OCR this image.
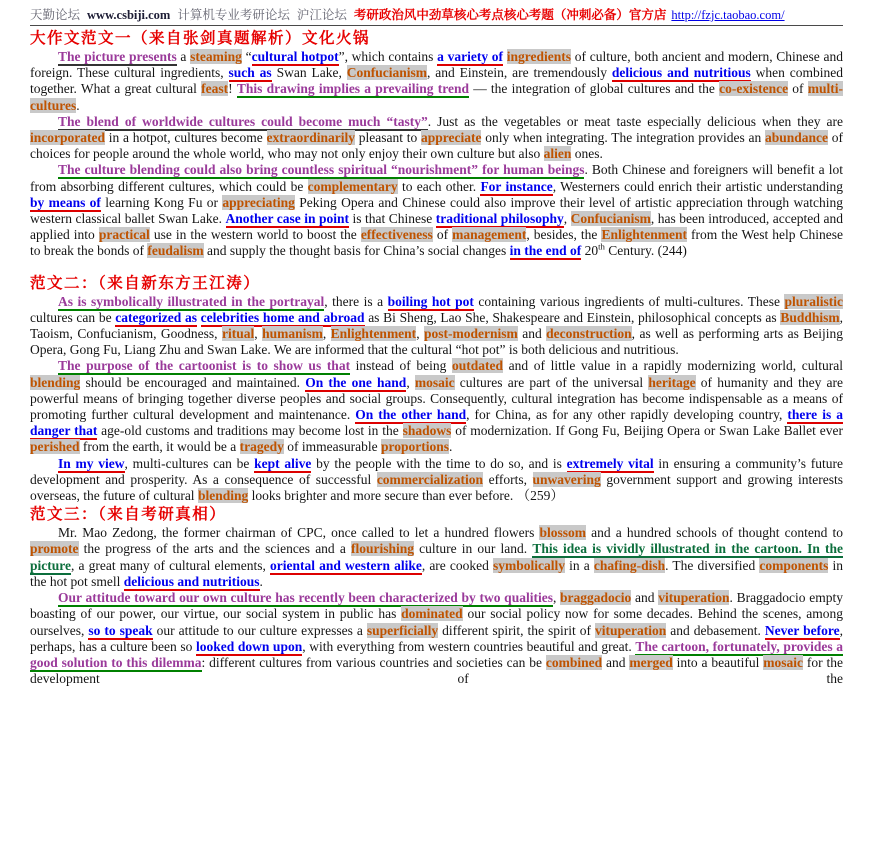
天勤论坛 www.csbiji.com 计算机专业考研论坛 沪江论坛 考研政治风中劲草核心考点核心考题（冲刺必备）官方店 http://fzjc.taobao.com/
大作文范文一（来自张剑真题解析）文化火锅

The picture presents a steaming “cultural hotpot”, which contains a variety of ingredients of culture, both ancient and modern, Chinese and foreign. These cultural ingredients, such as Swan Lake, Confucianism, and Einstein, are tremendously delicious and nutritious when combined together. What a great cultural feast! This drawing implies a prevailing trend — the integration of global cultures and the co-existence of multi-cultures.

The blend of worldwide cultures could become much “tasty”. Just as the vegetables or meat taste especially delicious when they are incorporated in a hotpot, cultures become extraordinarily pleasant to appreciate only when integrating. The integration provides an abundance of choices for people around the whole world, who may not only enjoy their own culture but also alien ones.

The culture blending could also bring countless spiritual “nourishment” for human beings. Both Chinese and foreigners will benefit a lot from absorbing different cultures, which could be complementary to each other. For instance, Westerners could enrich their artistic understanding by means of learning Kong Fu or appreciating Peking Opera and Chinese could also improve their level of artistic appreciation through watching western classical ballet Swan Lake. Another case in point is that Chinese traditional philosophy, Confucianism, has been introduced, accepted and applied into practical use in the western world to boost the effectiveness of management, besides, the Enlightenment from the West help Chinese to break the bonds of feudalism and supply the thought basis for China’s social changes in the end of 20th Century. (244)

范文二：（来自新东方王江涛）

As is symbolically illustrated in the portrayal, there is a boiling hot pot containing various ingredients of multi-cultures. These pluralistic cultures can be categorized as celebrities home and abroad as Bi Sheng, Lao She, Shakespeare and Einstein, philosophical concepts as Buddhism, Taoism, Confucianism, Goodness, ritual, humanism, Enlightenment, post-modernism and deconstruction, as well as performing arts as Beijing Opera, Gong Fu, Liang Zhu and Swan Lake. We are informed that the cultural “hot pot” is both delicious and nutritious.

The purpose of the cartoonist is to show us that instead of being outdated and of little value in a rapidly modernizing world, cultural blending should be encouraged and maintained. On the one hand, mosaic cultures are part of the universal heritage of humanity and they are powerful means of bringing together diverse peoples and social groups. Consequently, cultural integration has become indispensable as a means of promoting further cultural development and maintenance. On the other hand, for China, as for any other rapidly developing country, there is a danger that age-old customs and traditions may become lost in the shadows of modernization. If Gong Fu, Beijing Opera or Swan Lake Ballet ever perished from the earth, it would be a tragedy of immeasurable proportions.

In my view, multi-cultures can be kept alive by the people with the time to do so, and is extremely vital in ensuring a community’s future development and prosperity. As a consequence of successful commercialization efforts, unwavering government support and growing interests overseas, the future of cultural blending looks brighter and more secure than ever before. （259）

范文三：（来自考研真相）

Mr. Mao Zedong, the former chairman of CPC, once called to let a hundred flowers blossom and a hundred schools of thought contend to promote the progress of the arts and the sciences and a flourishing culture in our land. This idea is vividly illustrated in the cartoon. In the picture, a great many of cultural elements, oriental and western alike, are cooked symbolically in a chafing-dish. The diversified components in the hot pot smell delicious and nutritious.

Our attitude toward our own culture has recently been characterized by two qualities, braggadocio and vituperation. Braggadocio empty boasting of our power, our virtue, our social system in public has dominated our social policy now for some decades. Behind the scenes, among ourselves, so to speak our attitude to our culture expresses a superficially different spirit, the spirit of vituperation and debasement. Never before, perhaps, has a culture been so looked down upon, with everything from western countries beautiful and great. The cartoon, fortunately, provides a good solution to this dilemma: different cultures from various countries and societies can be combined and merged into a beautiful mosaic for the development of the
